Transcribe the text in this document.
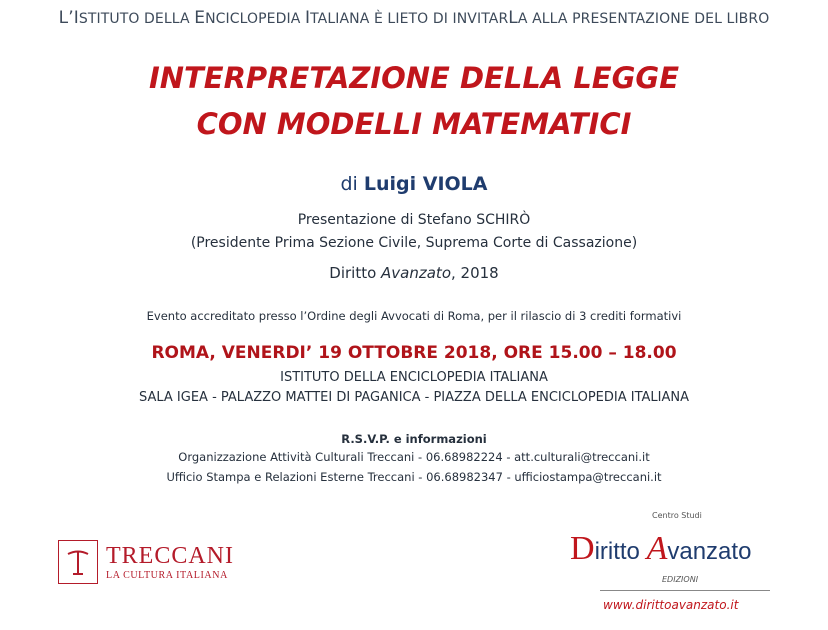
L’ISTITUTO DELLA ENCICLOPEDIA ITALIANA È LIETO DI INVITARLA ALLA PRESENTAZIONE DEL LIBRO
INTERPRETAZIONE DELLA LEGGE
CON MODELLI MATEMATICI
di Luigi VIOLA
Presentazione di Stefano SCHIRÒ
(Presidente Prima Sezione Civile, Suprema Corte di Cassazione)
Diritto Avanzato, 2018
Evento accreditato presso l’Ordine degli Avvocati di Roma, per il rilascio di 3 crediti formativi
ROMA, VENERDI’ 19 OTTOBRE 2018, ORE 15.00 – 18.00
ISTITUTO DELLA ENCICLOPEDIA ITALIANA
SALA IGEA - PALAZZO MATTEI DI PAGANICA - PIAZZA DELLA ENCICLOPEDIA ITALIANA
R.S.V.P. e informazioni
Organizzazione Attività Culturali Treccani - 06.68982224 - att.culturali@treccani.it
Ufficio Stampa e Relazioni Esterne Treccani - 06.68982347 - ufficiostampa@treccani.it
TRECCANI
LA CULTURA ITALIANA
Centro Studi
Diritto Avanzato
EDIZIONI
www.dirittoavanzato.it
